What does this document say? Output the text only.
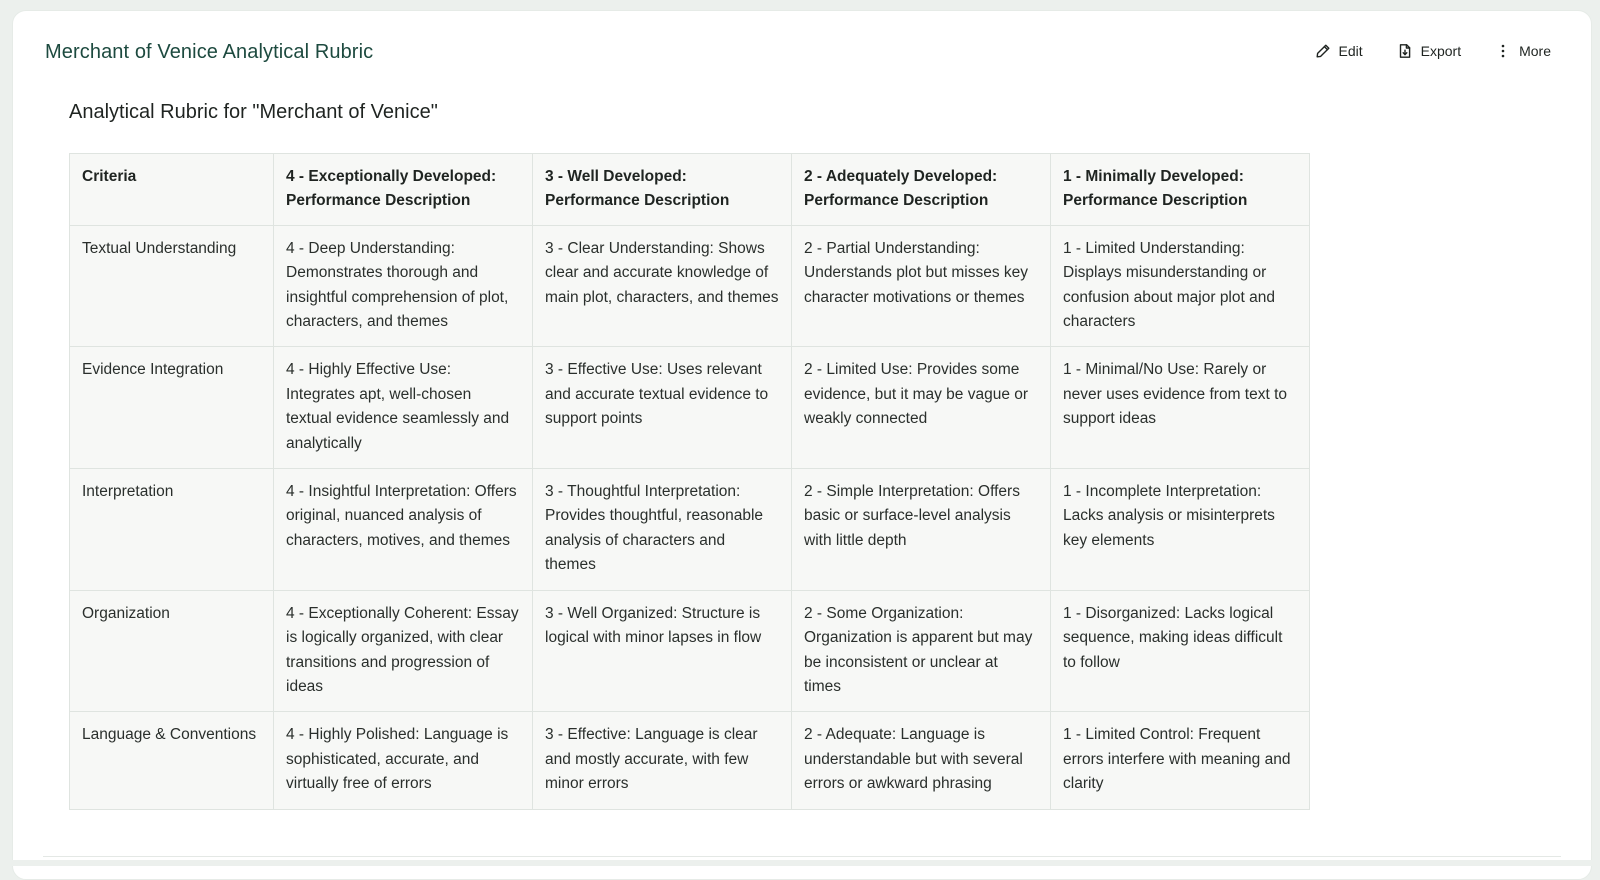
Merchant of Venice Analytical Rubric	Edit	Export	More
Analytical Rubric for "Merchant of Venice"
Criteria	4 - Exceptionally Developed: Performance Description	3 - Well Developed: Performance Description	2 - Adequately Developed: Performance Description	1 - Minimally Developed: Performance Description
Textual Understanding	4 - Deep Understanding: Demonstrates thorough and insightful comprehension of plot, characters, and themes	3 - Clear Understanding: Shows clear and accurate knowledge of main plot, characters, and themes	2 - Partial Understanding: Understands plot but misses key character motivations or themes	1 - Limited Understanding: Displays misunderstanding or confusion about major plot and characters
Evidence Integration	4 - Highly Effective Use: Integrates apt, well-chosen textual evidence seamlessly and analytically	3 - Effective Use: Uses relevant and accurate textual evidence to support points	2 - Limited Use: Provides some evidence, but it may be vague or weakly connected	1 - Minimal/No Use: Rarely or never uses evidence from text to support ideas
Interpretation	4 - Insightful Interpretation: Offers original, nuanced analysis of characters, motives, and themes	3 - Thoughtful Interpretation: Provides thoughtful, reasonable analysis of characters and themes	2 - Simple Interpretation: Offers basic or surface-level analysis with little depth	1 - Incomplete Interpretation: Lacks analysis or misinterprets key elements
Organization	4 - Exceptionally Coherent: Essay is logically organized, with clear transitions and progression of ideas	3 - Well Organized: Structure is logical with minor lapses in flow	2 - Some Organization: Organization is apparent but may be inconsistent or unclear at times	1 - Disorganized: Lacks logical sequence, making ideas difficult to follow
Language & Conventions	4 - Highly Polished: Language is sophisticated, accurate, and virtually free of errors	3 - Effective: Language is clear and mostly accurate, with few minor errors	2 - Adequate: Language is understandable but with several errors or awkward phrasing	1 - Limited Control: Frequent errors interfere with meaning and clarity
